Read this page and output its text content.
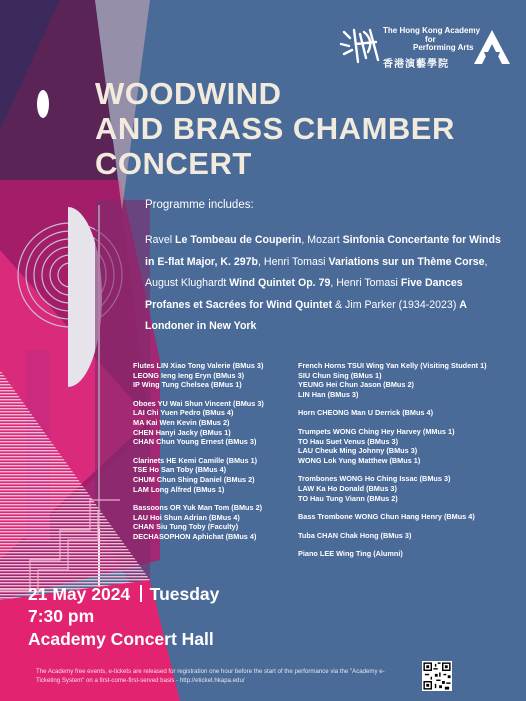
The Hong Kong Academy
for
Performing Arts
香港演藝學院
WOODWIND
AND BRASS CHAMBER
CONCERT
Programme includes:
Ravel Le Tombeau de Couperin, Mozart Sinfonia Concertante for Winds in E-flat Major, K. 297b, Henri Tomasi Variations sur un Thème Corse, August Klughardt Wind Quintet Op. 79, Henri Tomasi Five Dances Profanes et Sacrées for Wind Quintet & Jim Parker (1934-2023) A Londoner in New York
Flutes LIN Xiao Tong Valerie (BMus 3)
LEONG Ieng Ieng Eryn (BMus 3)
IP Wing Tung Chelsea (BMus 1)
Oboes YU Wai Shun Vincent (BMus 3)
LAI Chi Yuen Pedro (BMus 4)
MA Kai Wen Kevin (BMus 2)
CHEN Hanyi Jacky (BMus 1)
CHAN Chun Young Ernest (BMus 3)
Clarinets HE Kemi Camille (BMus 1)
TSE Ho San Toby (BMus 4)
CHUM Chun Shing Daniel (BMus 2)
LAM Long Alfred (BMus 1)
Bassoons OR Yuk Man Tom (BMus 2)
LAU Hoi Shun Adrian (BMus 4)
CHAN Siu Tung Toby (Faculty)
DECHASOPHON Aphichat (BMus 4)
French Horns TSUI Wing Yan Kelly (Visiting Student 1)
SIU Chun Sing (BMus 1)
YEUNG Hei Chun Jason (BMus 2)
LIN Han (BMus 3)
Horn CHEONG Man U Derrick (BMus 4)
Trumpets WONG Ching Hey Harvey (MMus 1)
TO Hau Suet Venus (BMus 3)
LAU Cheuk Ming Johnny (BMus 3)
WONG Lok Yung Matthew (BMus 1)
Trombones WONG Ho Ching Issac (BMus 3)
LAW Ka Ho Donald (BMus 3)
TO Hau Tung Viann (BMus 2)
Bass Trombone WONG Chun Hang Henry (BMus 4)
Tuba CHAN Chak Hong (BMus 3)
Piano LEE Wing Ting (Alumni)
21 May 2024 Tuesday
7:30 pm
Academy Concert Hall
The Academy free events, e-tickets are released for registration one hour before the start of the performance via the "Academy e-Ticketing System" on a first-come-first-served basis - http://eticket.hkapa.edu/
